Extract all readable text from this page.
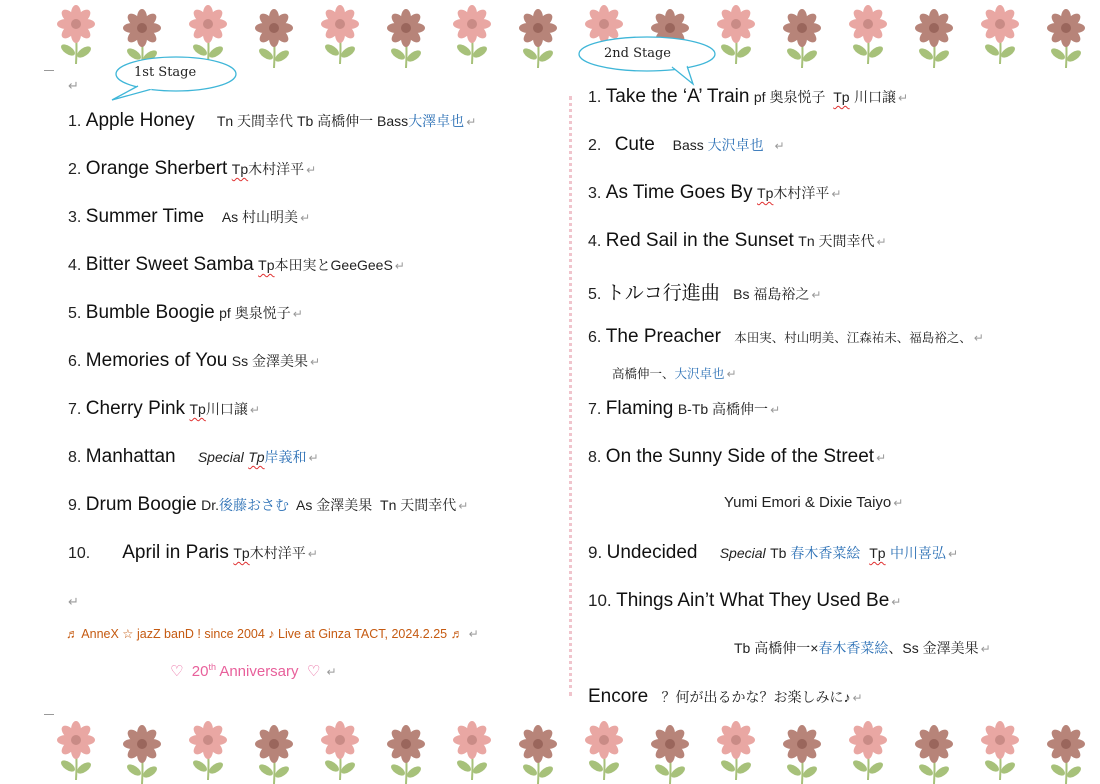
1st Stage
↵
2nd Stage
1.
Apple Honey
Tn 天間幸代 Tb 高橋伸一 Bass 大澤卓也 ↵
2.
Orange Sherbert
Tp 木村洋平 ↵
3.
Summer Time
As 村山明美 ↵
4.
Bitter Sweet Samba
Tp 本田実とGeeGeeS ↵
5.
Bumble Boogie
pf 奥泉悦子 ↵
6.
Memories of You
Ss 金澤美果 ↵
7.
Cherry Pink
Tp 川口譲 ↵
8.
Manhattan
Special
Tp 岸義和 ↵
9.
Drum Boogie
Dr. 後藤おさむ As 金澤美果  Tn 天間幸代 ↵
10. April in Paris
Tp 木村洋平 ↵
↵
♬ AnneX ☆ jazZ banD ! since 2004 ♪ Live at Ginza TACT, 2024.2.25 ♬ ↵
♡  20th Anniversary  ♡ ↵
1.
Take the ‘A’ Train
pf 奥泉悦子 Tp
川口譲 ↵
2.
Cute
Bass 大沢卓也
↵
3.
As Time Goes By
Tp 木村洋平 ↵
4.
Red Sail in the Sunset
Tn 天間幸代 ↵
5.
トルコ行進曲
Bs 福島裕之 ↵
6.
The Preacher
本田実、村山明美、江森祐未、福島裕之、 ↵
高橋伸一、 大沢卓也 ↵
7.
Flaming
B-Tb 高橋伸一 ↵
8.
On the Sunny Side of the Street ↵
Yumi Emori & Dixie Taiyo ↵
9.
Undecided
Special
Tb 春木香菜絵
Tp
中川喜弘 ↵
10.
Things Ain’t What They Used Be ↵
Tb 高橋伸一× 春木香菜絵 、Ss 金澤美果 ↵
Encore
？何が出るかな？お楽しみに♪ ↵
